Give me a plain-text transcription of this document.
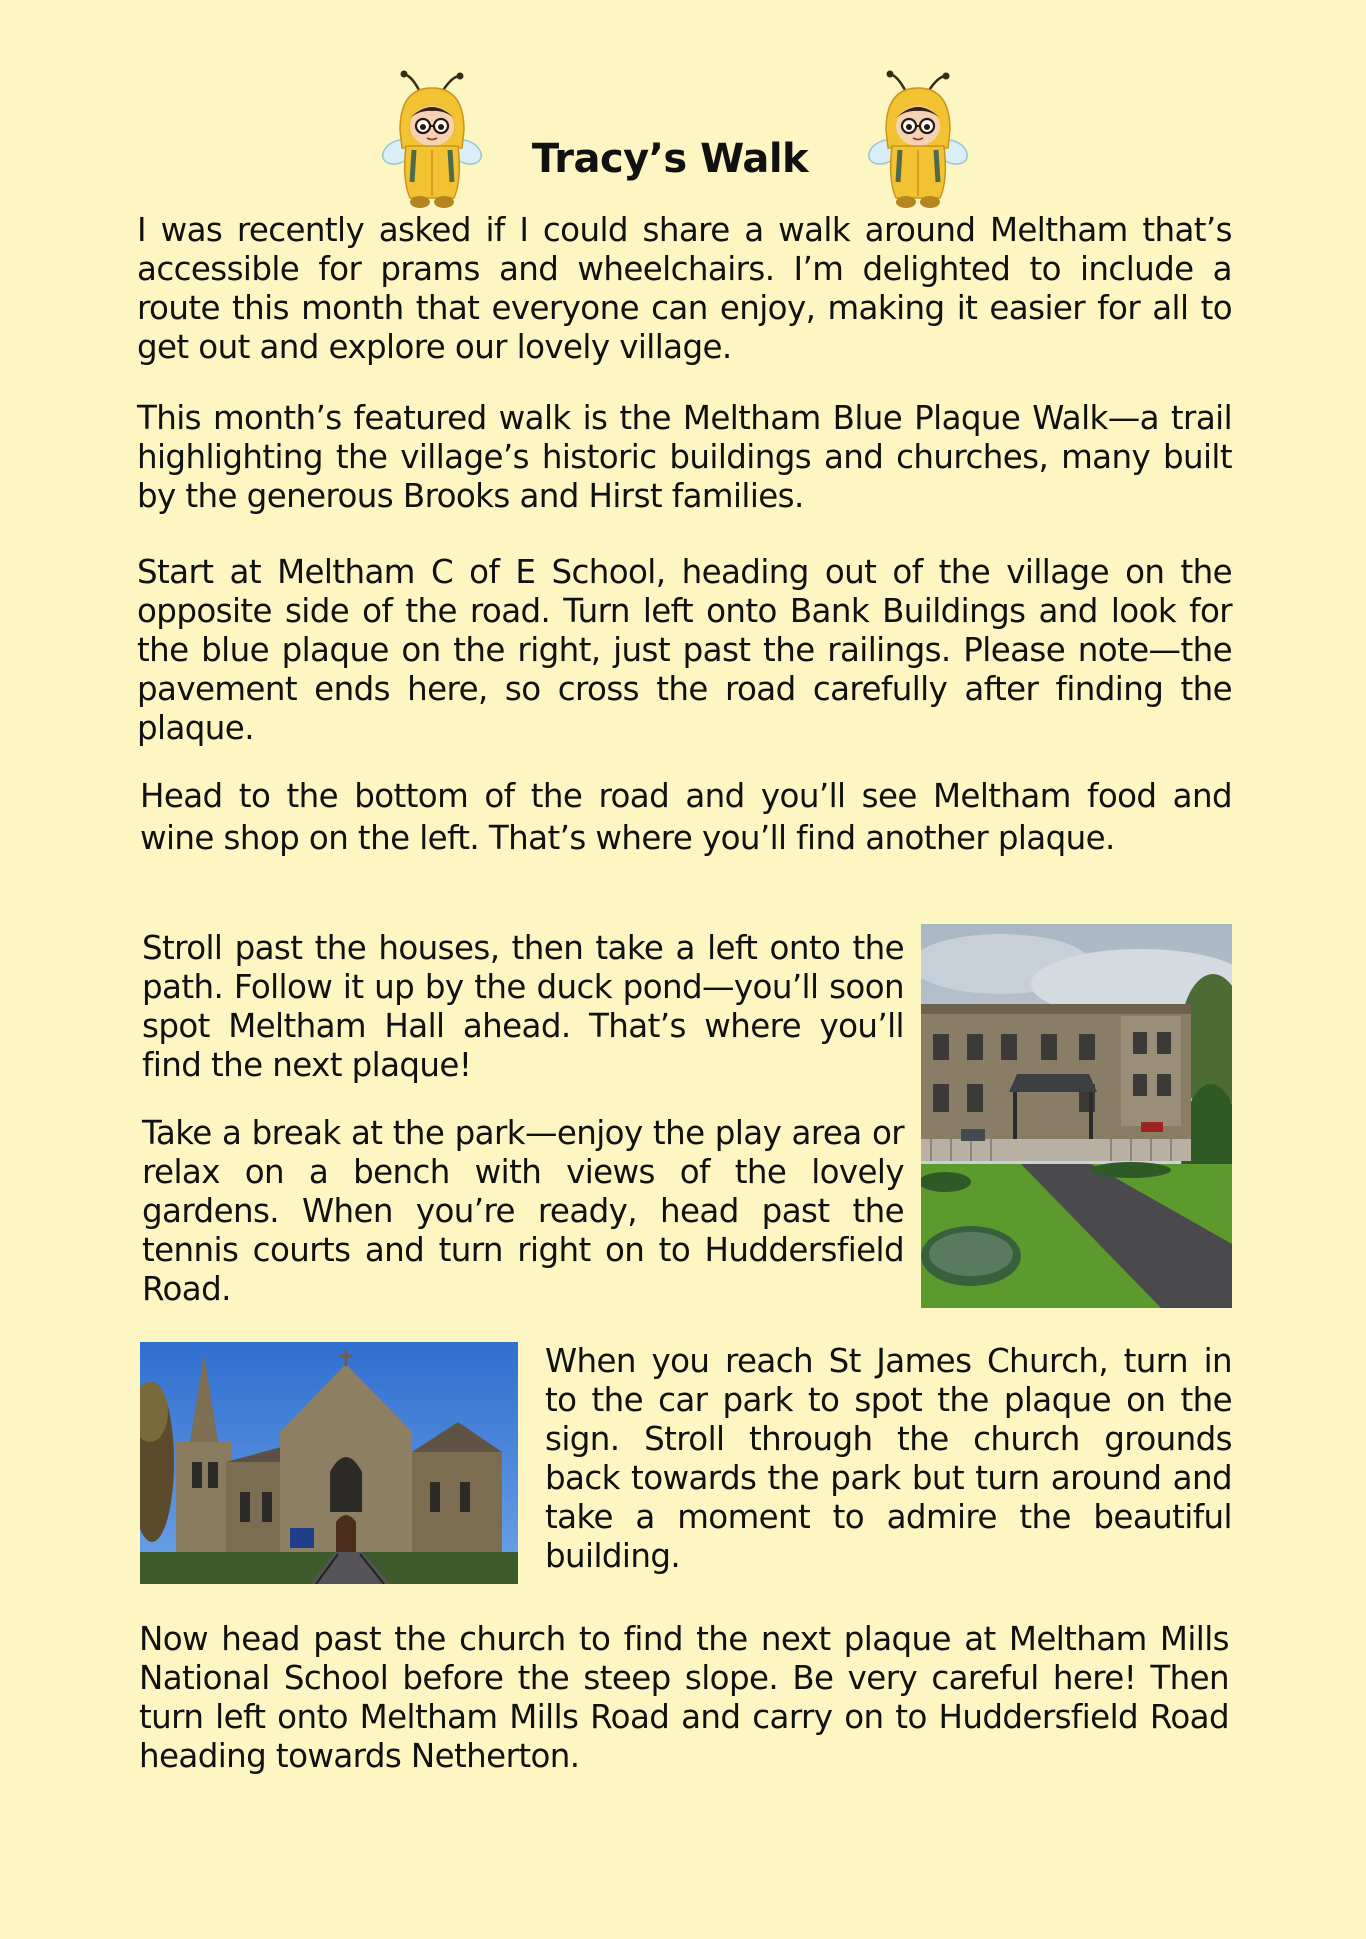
Tracy’s Walk

I was recently asked if I could share a walk around Meltham that’s accessible for prams and wheelchairs. I’m delighted to include a route this month that everyone can enjoy, making it easier for all to get out and explore our lovely village.

This month’s featured walk is the Meltham Blue Plaque Walk—a trail highlighting the village’s historic buildings and churches, many built by the generous Brooks and Hirst families.

Start at Meltham C of E School, heading out of the village on the opposite side of the road. Turn left onto Bank Buildings and look for the blue plaque on the right, just past the railings. Please note—the pavement ends here, so cross the road carefully after finding the plaque.

Head to the bottom of the road and you’ll see Meltham food and wine shop on the left. That’s where you’ll find another plaque.

Stroll past the houses, then take a left onto the path. Follow it up by the duck pond—you’ll soon spot Meltham Hall ahead. That’s where you’ll find the next plaque!

Take a break at the park—enjoy the play area or relax on a bench with views of the lovely gardens. When you’re ready, head past the tennis courts and turn right on to Huddersfield Road.

When you reach St James Church, turn in to the car park to spot the plaque on the sign. Stroll through the church grounds back towards the park but turn around and take a moment to admire the beautiful building.

Now head past the church to find the next plaque at Meltham Mills National School before the steep slope. Be very careful here! Then turn left onto Meltham Mills Road and carry on to Huddersfield Road heading towards Netherton.
